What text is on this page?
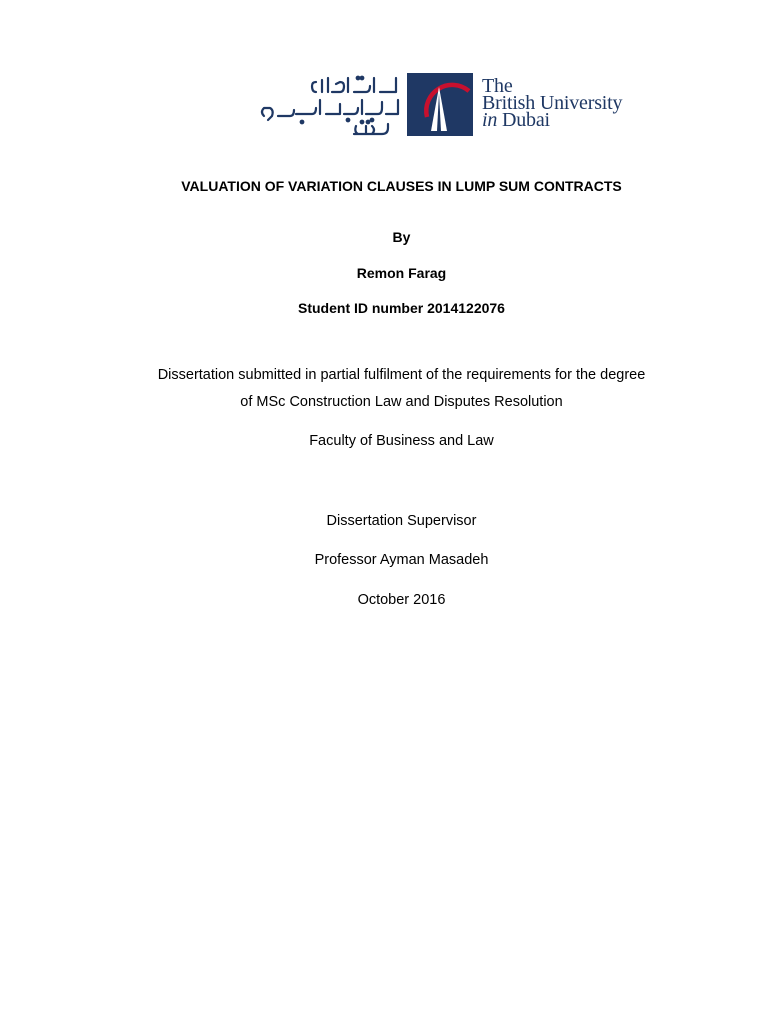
The
British University
in Dubai
VALUATION OF VARIATION CLAUSES IN LUMP SUM CONTRACTS
By
Remon Farag
Student ID number 2014122076
Dissertation submitted in partial fulfilment of the requirements for the degree
of MSc Construction Law and Disputes Resolution
Faculty of Business and Law
Dissertation Supervisor
Professor Ayman Masadeh
October 2016
